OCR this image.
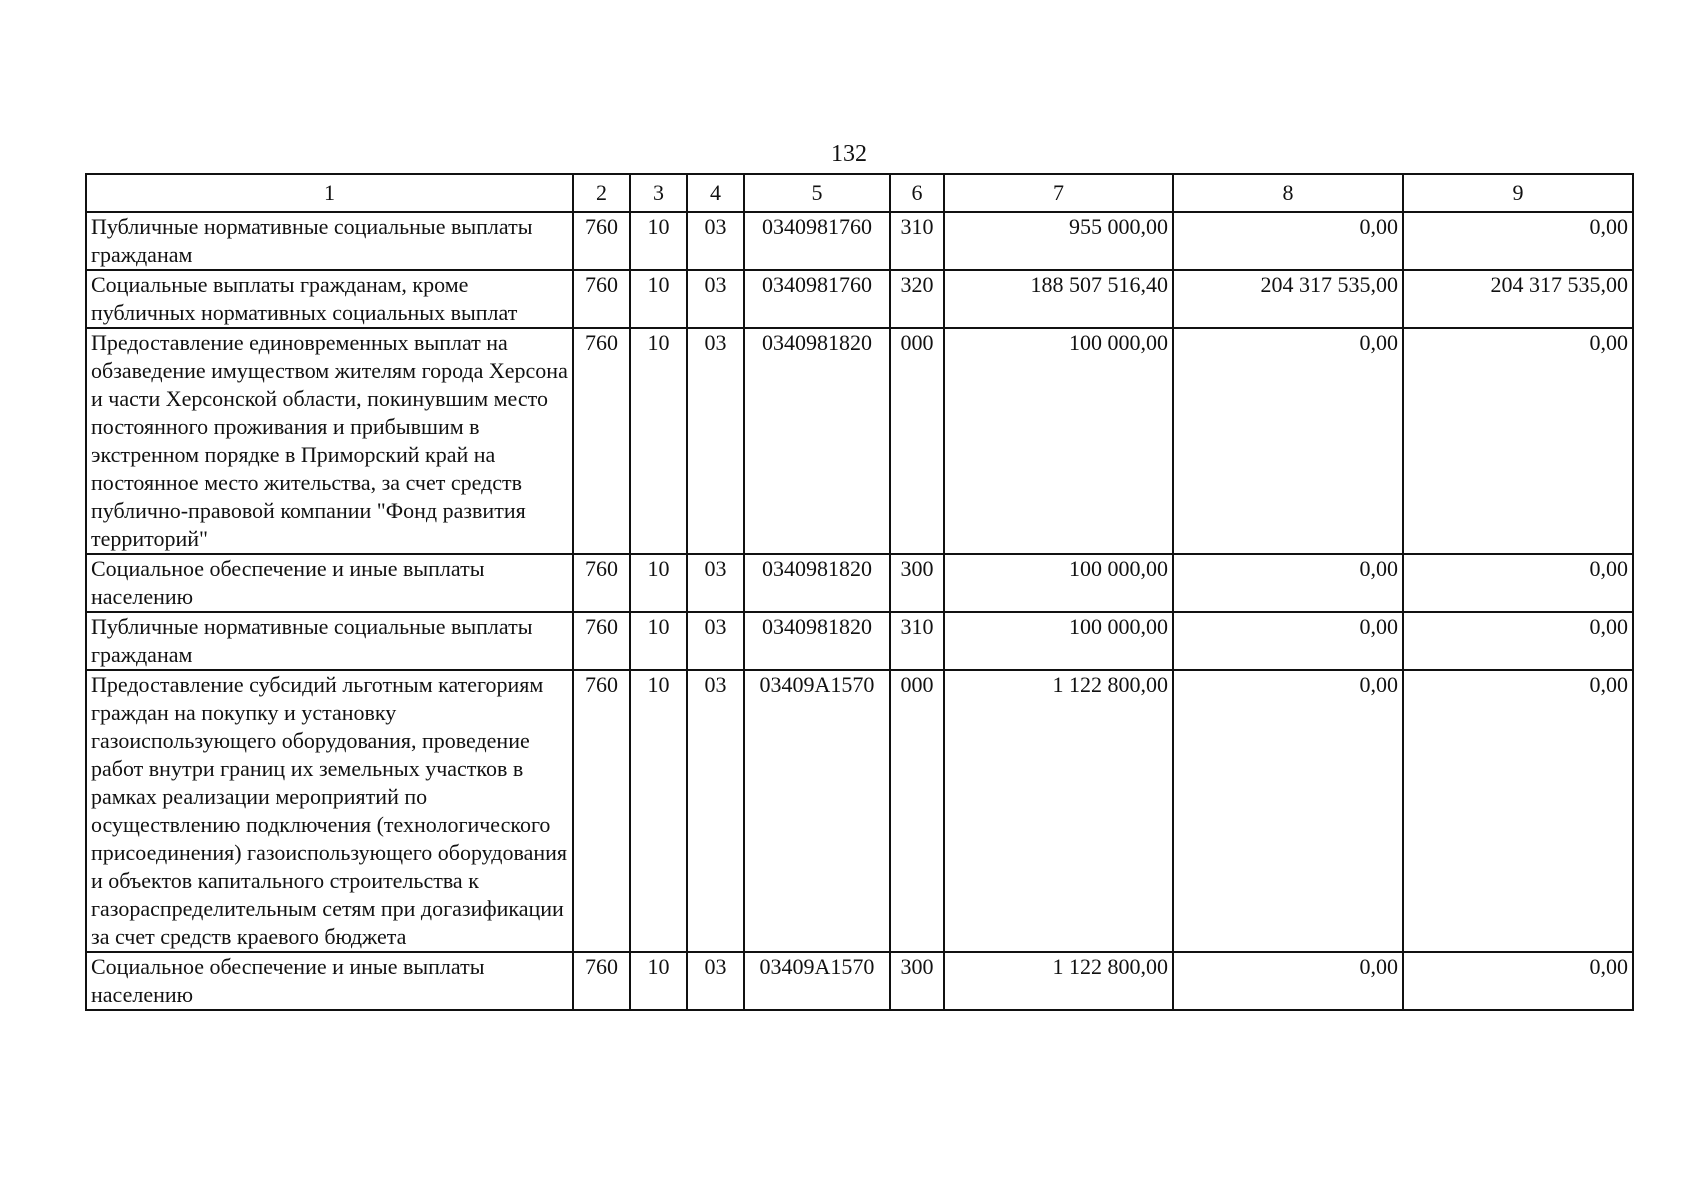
132
1	2	3	4	5	6	7	8	9
Публичные нормативные социальные выплаты гражданам	760	10	03	0340981760	310	955 000,00	0,00	0,00
Социальные выплаты гражданам, кроме публичных нормативных социальных выплат	760	10	03	0340981760	320	188 507 516,40	204 317 535,00	204 317 535,00
Предоставление единовременных выплат на обзаведение имуществом жителям города Херсона и части Херсонской области, покинувшим место постоянного проживания и прибывшим в экстренном порядке в Приморский край на постоянное место жительства, за счет средств публично-правовой компании "Фонд развития территорий"	760	10	03	0340981820	000	100 000,00	0,00	0,00
Социальное обеспечение и иные выплаты населению	760	10	03	0340981820	300	100 000,00	0,00	0,00
Публичные нормативные социальные выплаты гражданам	760	10	03	0340981820	310	100 000,00	0,00	0,00
Предоставление субсидий льготным категориям граждан на покупку и установку газоиспользующего оборудования, проведение работ внутри границ их земельных участков в рамках реализации мероприятий по осуществлению подключения (технологического присоединения) газоиспользующего оборудования и объектов капитального строительства к газораспределительным сетям при догазификации за счет средств краевого бюджета	760	10	03	03409A1570	000	1 122 800,00	0,00	0,00
Социальное обеспечение и иные выплаты населению	760	10	03	03409A1570	300	1 122 800,00	0,00	0,00
